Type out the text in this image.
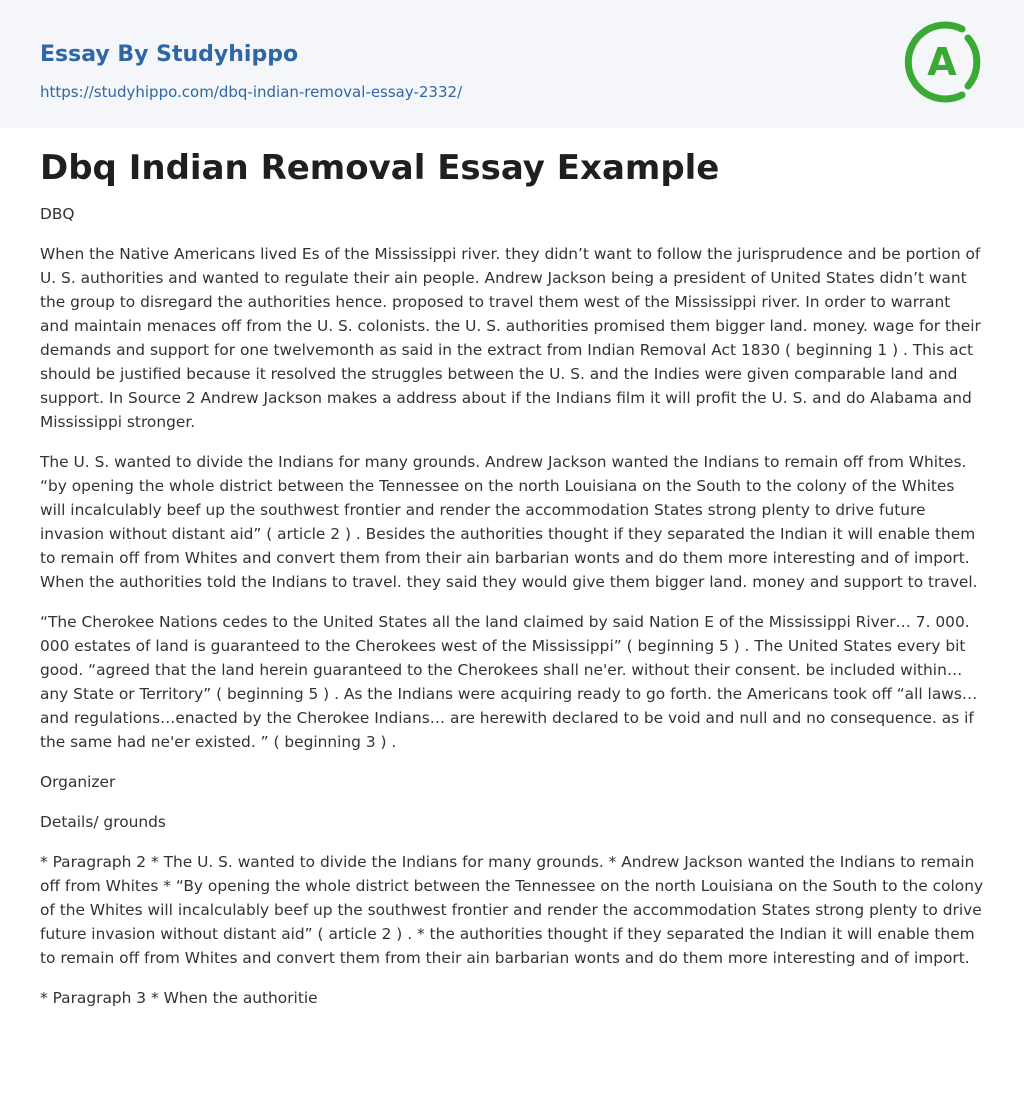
Essay By Studyhippo
https://studyhippo.com/dbq-indian-removal-essay-2332/
A
Dbq Indian Removal Essay Example

DBQ

When the Native Americans lived Es of the Mississippi river. they didn’t want to follow the jurisprudence and be portion of U. S. authorities and wanted to regulate their ain people. Andrew Jackson being a president of United States didn’t want the group to disregard the authorities hence. proposed to travel them west of the Mississippi river. In order to warrant and maintain menaces off from the U. S. colonists. the U. S. authorities promised them bigger land. money. wage for their demands and support for one twelvemonth as said in the extract from Indian Removal Act 1830 ( beginning 1 ) . This act should be justified because it resolved the struggles between the U. S. and the Indies were given comparable land and support. In Source 2 Andrew Jackson makes a address about if the Indians film it will profit the U. S. and do Alabama and Mississippi stronger.

The U. S. wanted to divide the Indians for many grounds. Andrew Jackson wanted the Indians to remain off from Whites. “by opening the whole district between the Tennessee on the north Louisiana on the South to the colony of the Whites will incalculably beef up the southwest frontier and render the accommodation States strong plenty to drive future invasion without distant aid” ( article 2 ) . Besides the authorities thought if they separated the Indian it will enable them to remain off from Whites and convert them from their ain barbarian wonts and do them more interesting and of import. When the authorities told the Indians to travel. they said they would give them bigger land. money and support to travel.

“The Cherokee Nations cedes to the United States all the land claimed by said Nation E of the Mississippi River… 7. 000. 000 estates of land is guaranteed to the Cherokees west of the Mississippi” ( beginning 5 ) . The United States every bit good. “agreed that the land herein guaranteed to the Cherokees shall ne'er. without their consent. be included within…any State or Territory” ( beginning 5 ) . As the Indians were acquiring ready to go forth. the Americans took off “all laws… and regulations…enacted by the Cherokee Indians… are herewith declared to be void and null and no consequence. as if the same had ne'er existed. ” ( beginning 3 ) .

Organizer

Details/ grounds

* Paragraph 2 * The U. S. wanted to divide the Indians for many grounds. * Andrew Jackson wanted the Indians to remain off from Whites * “By opening the whole district between the Tennessee on the north Louisiana on the South to the colony of the Whites will incalculably beef up the southwest frontier and render the accommodation States strong plenty to drive future invasion without distant aid” ( article 2 ) . * the authorities thought if they separated the Indian it will enable them to remain off from Whites and convert them from their ain barbarian wonts and do them more interesting and of import.

* Paragraph 3 * When the authoritie
